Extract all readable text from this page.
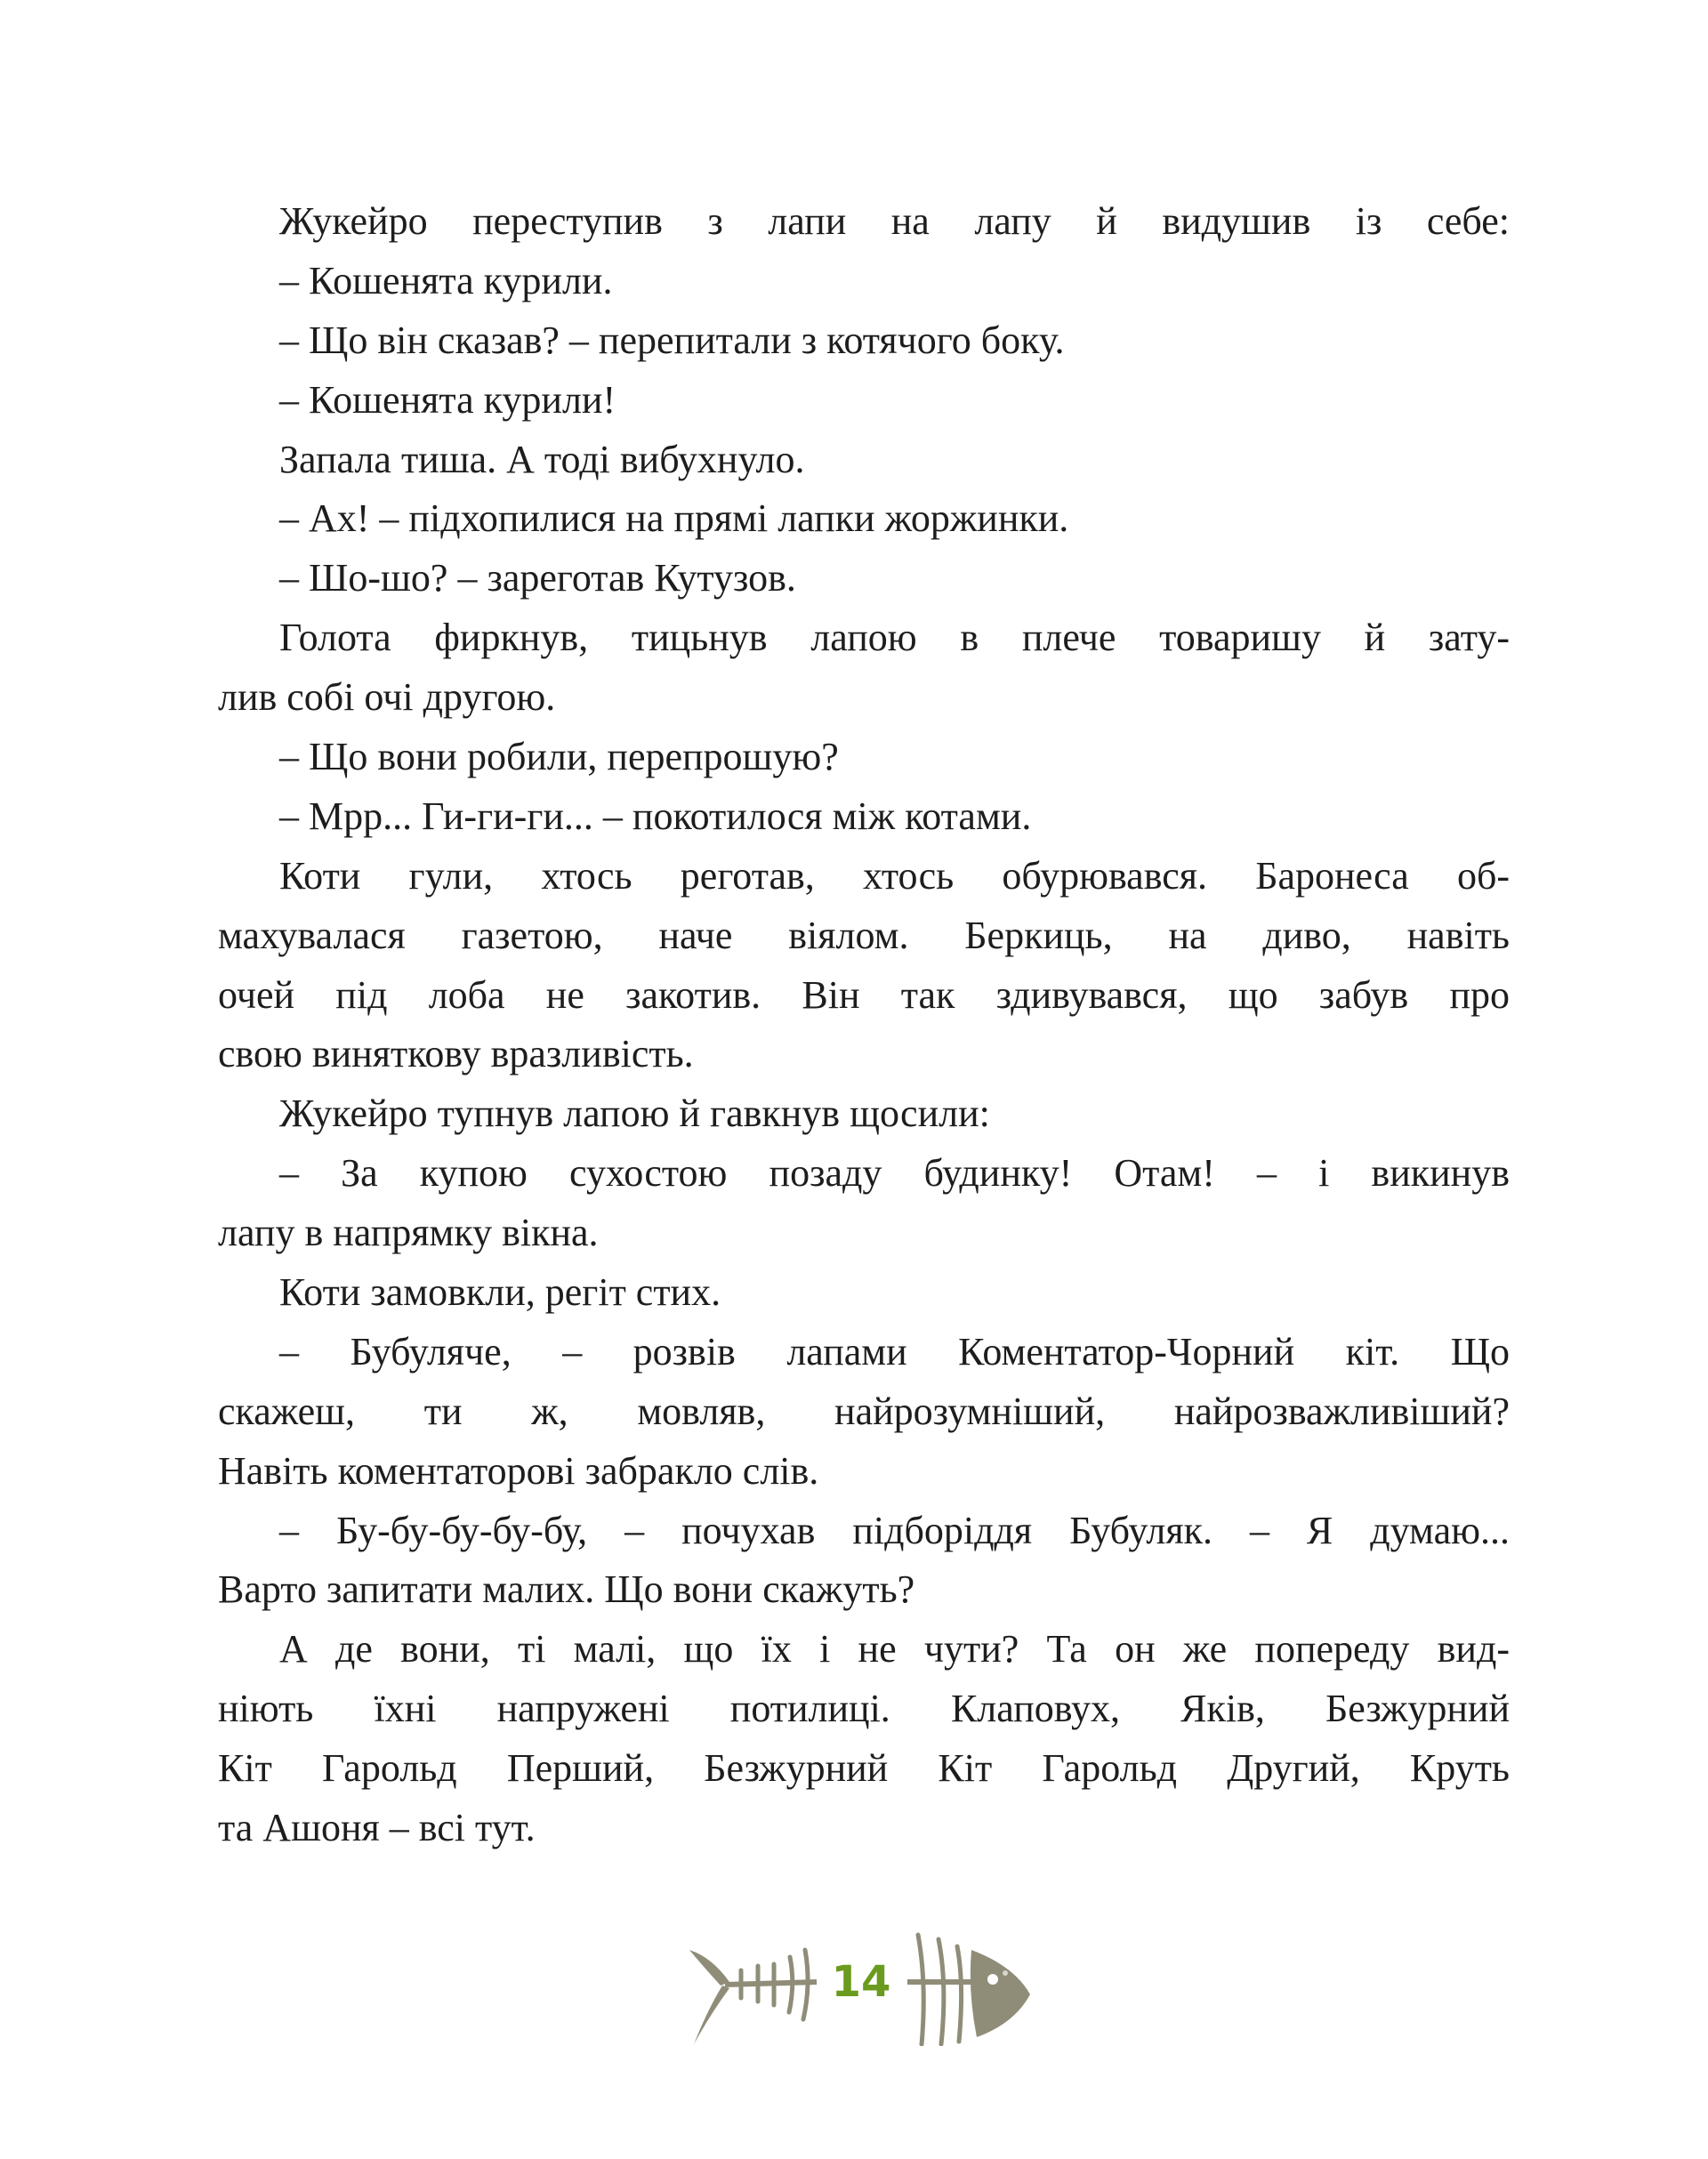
Жукейро переступив з лапи на лапу й видушив із себе:
– Кошенята курили.
– Що він сказав? – перепитали з котячого боку.
– Кошенята курили!
Запала тиша. А тоді вибухнуло.
– Ах! – підхопилися на прямі лапки жоржинки.
– Шо-шо? – зареготав Кутузов.
Голота фиркнув, тицьнув лапою в плече товаришу й зату-
лив собі очі другою.
– Що вони робили, перепрошую?
– Мрр... Ги-ги-ги... – покотилося між котами.
Коти гули, хтось реготав, хтось обурювався. Баронеса об-
махувалася газетою, наче віялом. Беркиць, на диво, навіть
очей під лоба не закотив. Він так здивувався, що забув про
свою виняткову вразливість.
Жукейро тупнув лапою й гавкнув щосили:
– За купою сухостою позаду будинку! Отам! – і викинув
лапу в напрямку вікна.
Коти замовкли, регіт стих.
– Бубуляче, – розвів лапами Коментатор-Чорний кіт. Що
скажеш, ти ж, мовляв, найрозумніший, найрозважливіший?
Навіть коментаторові забракло слів.
– Бу-бу-бу-бу-бу, – почухав підборіддя Бубуляк. – Я думаю...
Варто запитати малих. Що вони скажуть?
А де вони, ті малі, що їх і не чути? Та он же попереду вид-
ніють їхні напружені потилиці. Клаповух, Яків, Безжурний
Кіт Гарольд Перший, Безжурний Кіт Гарольд Другий, Круть
та Ашоня – всі тут.
14
